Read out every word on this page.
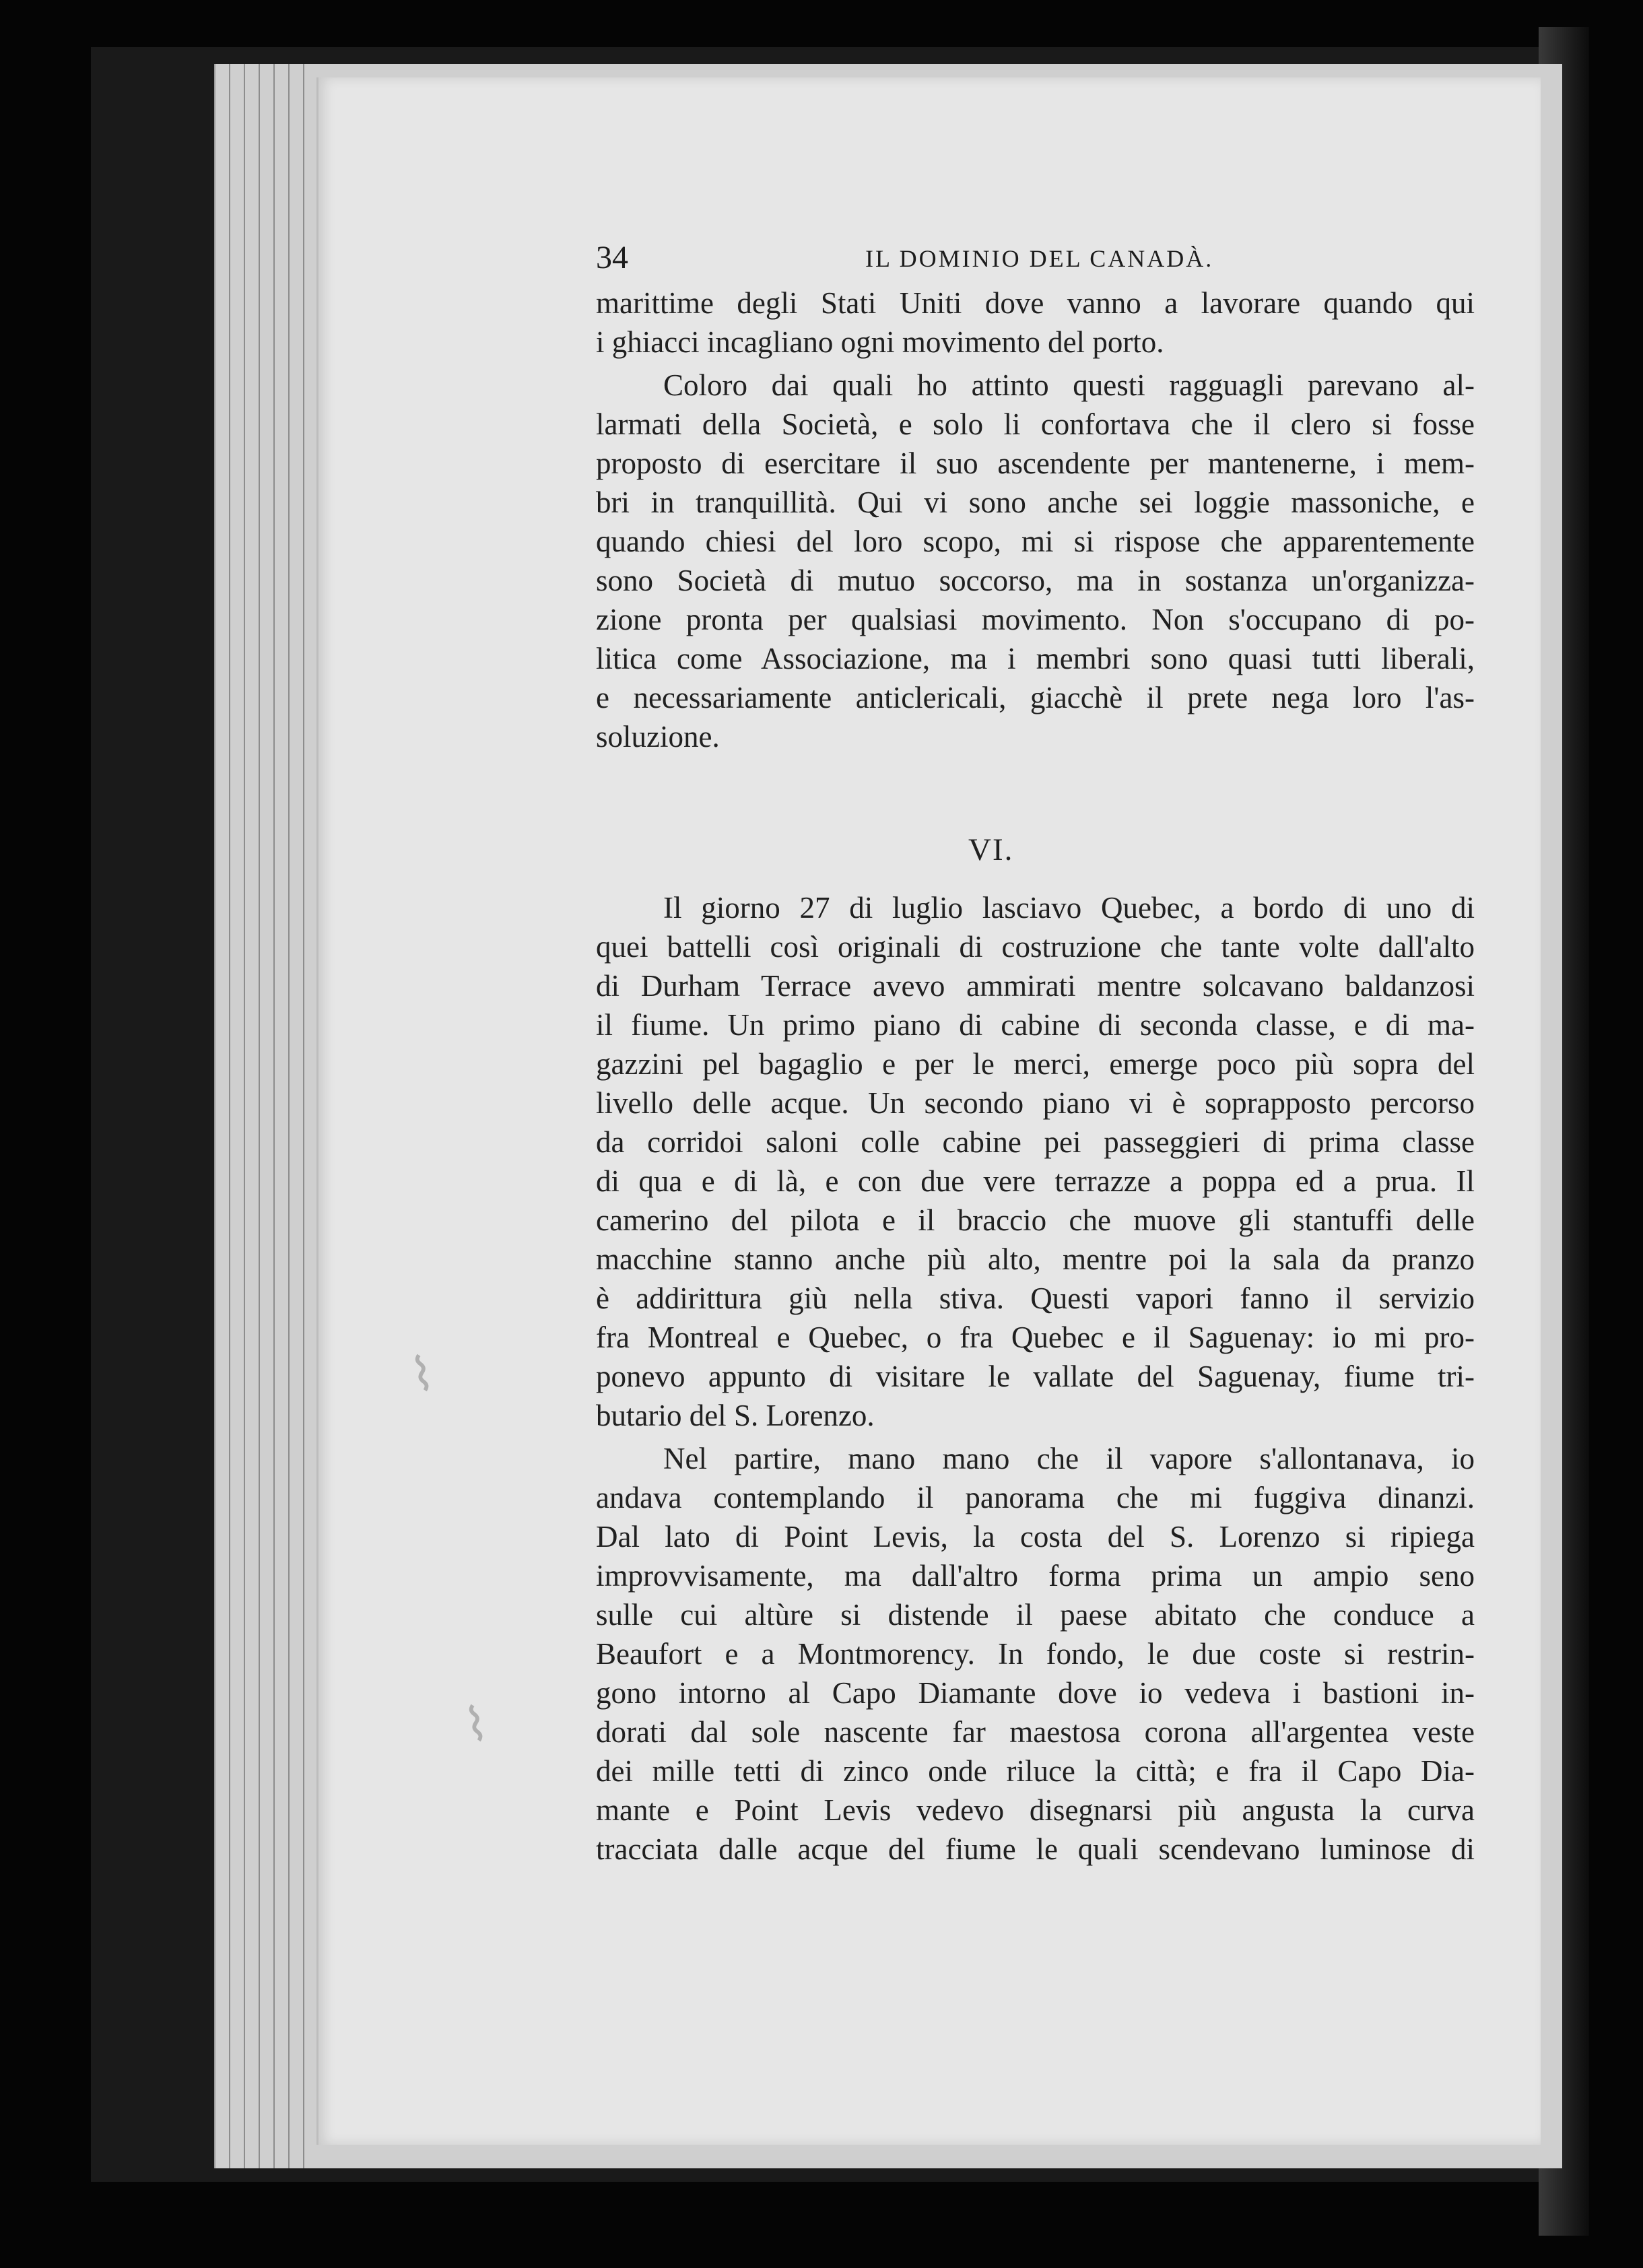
⌇
⌇
34	IL DOMINIO DEL CANADÀ.
marittime degli Stati Uniti dove vanno a lavorare quando qui
i ghiacci incagliano ogni movimento del porto.
Coloro dai quali ho attinto questi ragguagli parevano al-
larmati della Società, e solo li confortava che il clero si fosse
proposto di esercitare il suo ascendente per mantenerne, i mem-
bri in tranquillità. Qui vi sono anche sei loggie massoniche, e
quando chiesi del loro scopo, mi si rispose che apparentemente
sono Società di mutuo soccorso, ma in sostanza un'organizza-
zione pronta per qualsiasi movimento. Non s'occupano di po-
litica come Associazione, ma i membri sono quasi tutti liberali,
e necessariamente anticlericali, giacchè il prete nega loro l'as-
soluzione.
VI.
Il giorno 27 di luglio lasciavo Quebec, a bordo di uno di
quei battelli così originali di costruzione che tante volte dall'alto
di Durham Terrace avevo ammirati mentre solcavano baldanzosi
il fiume. Un primo piano di cabine di seconda classe, e di ma-
gazzini pel bagaglio e per le merci, emerge poco più sopra del
livello delle acque. Un secondo piano vi è soprapposto percorso
da corridoi saloni colle cabine pei passeggieri di prima classe
di qua e di là, e con due vere terrazze a poppa ed a prua. Il
camerino del pilota e il braccio che muove gli stantuffi delle
macchine stanno anche più alto, mentre poi la sala da pranzo
è addirittura giù nella stiva. Questi vapori fanno il servizio
fra Montreal e Quebec, o fra Quebec e il Saguenay: io mi pro-
ponevo appunto di visitare le vallate del Saguenay, fiume tri-
butario del S. Lorenzo.
Nel partire, mano mano che il vapore s'allontanava, io
andava contemplando il panorama che mi fuggiva dinanzi.
Dal lato di Point Levis, la costa del S. Lorenzo si ripiega
improvvisamente, ma dall'altro forma prima un ampio seno
sulle cui altùre si distende il paese abitato che conduce a
Beaufort e a Montmorency. In fondo, le due coste si restrin-
gono intorno al Capo Diamante dove io vedeva i bastioni in-
dorati dal sole nascente far maestosa corona all'argentea veste
dei mille tetti di zinco onde riluce la città; e fra il Capo Dia-
mante e Point Levis vedevo disegnarsi più angusta la curva
tracciata dalle acque del fiume le quali scendevano luminose di
